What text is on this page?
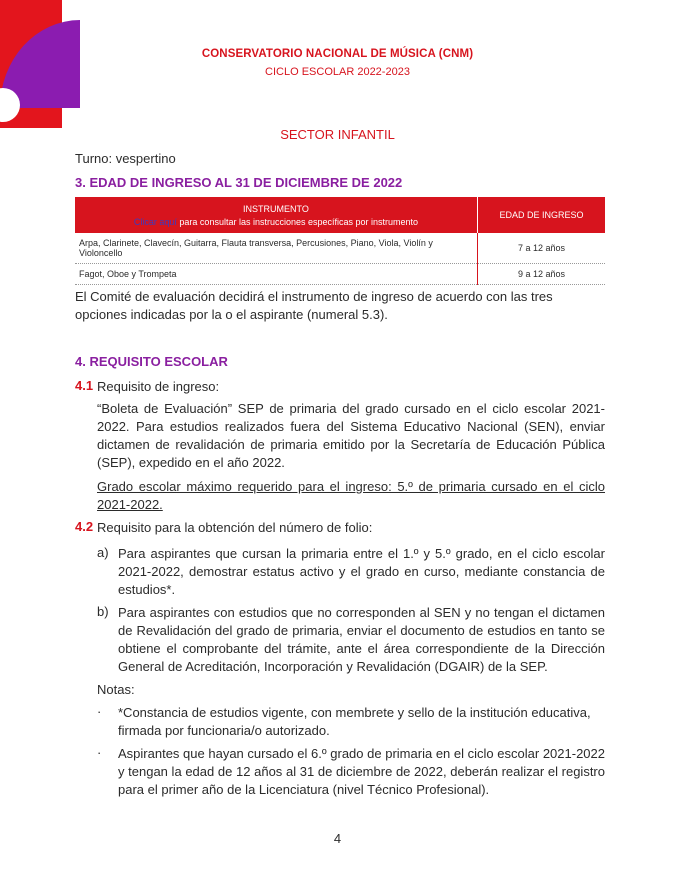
CONSERVATORIO NACIONAL DE MÚSICA (CNM)
CICLO ESCOLAR 2022-2023
SECTOR INFANTIL
Turno: vespertino
3. EDAD DE INGRESO AL 31 DE DICIEMBRE DE 2022
INSTRUMENTO
Clicar aquí para consultar las instrucciones específicas por instrumento	EDAD DE INGRESO
Arpa, Clarinete, Clavecín, Guitarra, Flauta transversa, Percusiones, Piano, Viola, Violín y Violoncello	7 a 12 años
Fagot, Oboe y Trompeta	9 a 12 años
El Comité de evaluación decidirá el instrumento de ingreso de acuerdo con las tres opciones indicadas por la o el aspirante (numeral 5.3).
4. REQUISITO ESCOLAR
4.1 Requisito de ingreso:
“Boleta de Evaluación” SEP de primaria del grado cursado en el ciclo escolar 2021-2022. Para estudios realizados fuera del Sistema Educativo Nacional (SEN), enviar dictamen de revalidación de primaria emitido por la Secretaría de Educación Pública (SEP), expedido en el año 2022.
Grado escolar máximo requerido para el ingreso: 5.º de primaria cursado en el ciclo 2021-2022.
4.2 Requisito para la obtención del número de folio:
a) Para aspirantes que cursan la primaria entre el 1.º y 5.º grado, en el ciclo escolar 2021-2022, demostrar estatus activo y el grado en curso, mediante constancia de estudios*.
b) Para aspirantes con estudios que no corresponden al SEN y no tengan el dictamen de Revalidación del grado de primaria, enviar el documento de estudios en tanto se obtiene el comprobante del trámite, ante el área correspondiente de la Dirección General de Acreditación, Incorporación y Revalidación (DGAIR) de la SEP.
Notas:
· *Constancia de estudios vigente, con membrete y sello de la institución educativa, firmada por funcionaria/o autorizado.
· Aspirantes que hayan cursado el 6.º grado de primaria en el ciclo escolar 2021-2022 y tengan la edad de 12 años al 31 de diciembre de 2022, deberán realizar el registro para el primer año de la Licenciatura (nivel Técnico Profesional).
4
